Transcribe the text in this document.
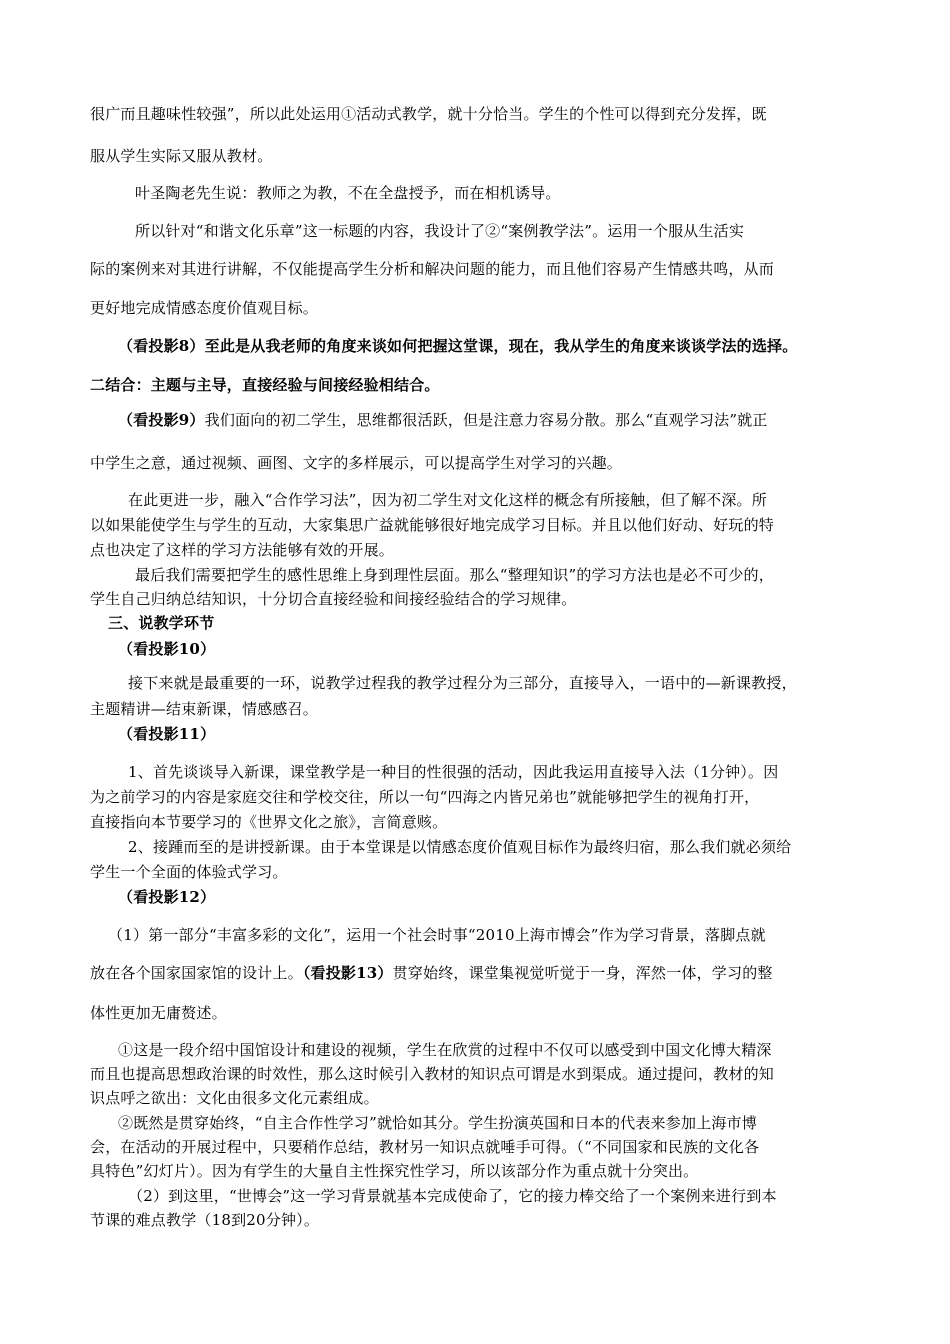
很广而且趣味性较强”，所以此处运用①活动式教学，就十分恰当。学生的个性可以得到充分发挥，既
服从学生实际又服从教材。
叶圣陶老先生说：教师之为教，不在全盘授予，而在相机诱导。
所以针对“和谐文化乐章”这一标题的内容，我设计了②“案例教学法”。运用一个服从生活实
际的案例来对其进行讲解，不仅能提高学生分析和解决问题的能力，而且他们容易产生情感共鸣，从而
更好地完成情感态度价值观目标。
（看投影8）至此是从我老师的角度来谈如何把握这堂课，现在，我从学生的角度来谈谈学法的选择。
二结合：主题与主导，直接经验与间接经验相结合。
（看投影9）我们面向的初二学生，思维都很活跃，但是注意力容易分散。那么“直观学习法”就正
中学生之意，通过视频、画图、文字的多样展示，可以提高学生对学习的兴趣。
在此更进一步，融入“合作学习法”，因为初二学生对文化这样的概念有所接触，但了解不深。所
以如果能使学生与学生的互动，大家集思广益就能够很好地完成学习目标。并且以他们好动、好玩的特
点也决定了这样的学习方法能够有效的开展。
最后我们需要把学生的感性思维上身到理性层面。那么“整理知识”的学习方法也是必不可少的，
学生自己归纳总结知识，十分切合直接经验和间接经验结合的学习规律。
三、说教学环节
（看投影10）
接下来就是最重要的一环，说教学过程我的教学过程分为三部分，直接导入，一语中的—新课教授，
主题精讲—结束新课，情感感召。
（看投影11）
1、首先谈谈导入新课，课堂教学是一种目的性很强的活动，因此我运用直接导入法（1分钟）。因
为之前学习的内容是家庭交往和学校交往，所以一句“四海之内皆兄弟也”就能够把学生的视角打开，
直接指向本节要学习的《世界文化之旅》，言简意赅。
2、接踵而至的是讲授新课。由于本堂课是以情感态度价值观目标作为最终归宿，那么我们就必须给
学生一个全面的体验式学习。
（看投影12）
（1）第一部分“丰富多彩的文化”，运用一个社会时事“2010上海市博会”作为学习背景，落脚点就
放在各个国家国家馆的设计上。（看投影13）贯穿始终，课堂集视觉听觉于一身，浑然一体，学习的整
体性更加无庸赘述。
①这是一段介绍中国馆设计和建设的视频，学生在欣赏的过程中不仅可以感受到中国文化博大精深
而且也提高思想政治课的时效性，那么这时候引入教材的知识点可谓是水到渠成。通过提问，教材的知
识点呼之欲出：文化由很多文化元素组成。
②既然是贯穿始终，“自主合作性学习”就恰如其分。学生扮演英国和日本的代表来参加上海市博
会，在活动的开展过程中，只要稍作总结，教材另一知识点就唾手可得。（“不同国家和民族的文化各
具特色”幻灯片）。因为有学生的大量自主性探究性学习，所以该部分作为重点就十分突出。
（2）到这里，“世博会”这一学习背景就基本完成使命了，它的接力棒交给了一个案例来进行到本
节课的难点教学（18到20分钟）。
